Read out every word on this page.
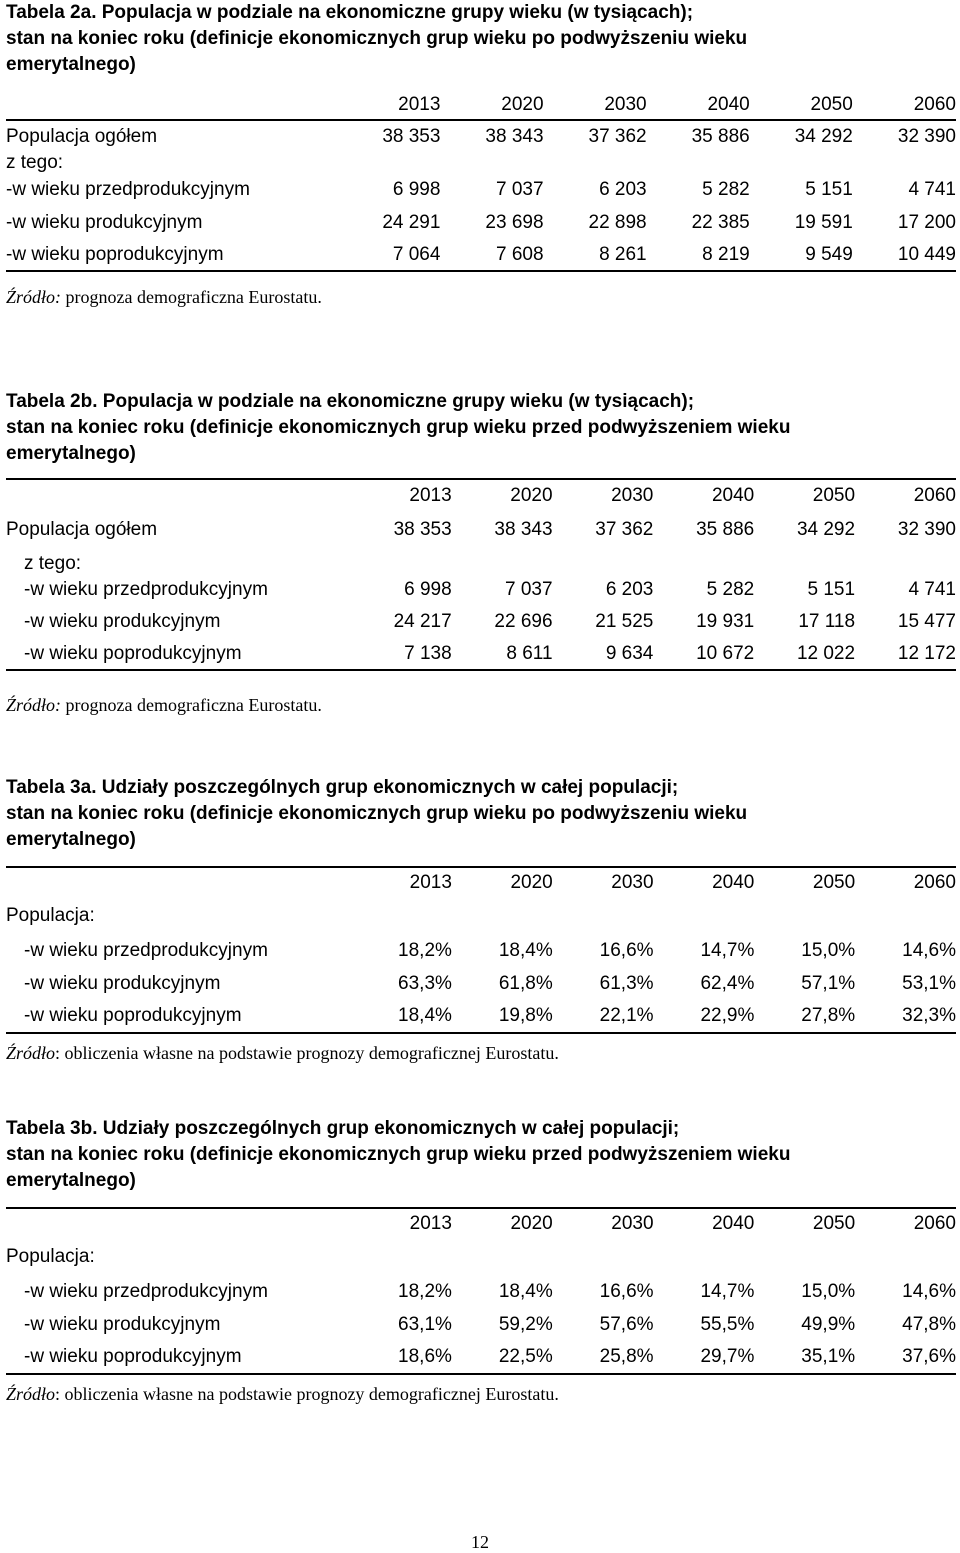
Tabela 2a. Populacja w podziale na ekonomiczne grupy wieku (w tysiącach);
stan na koniec roku (definicje ekonomicznych grup wieku po podwyższeniu wieku
emerytalnego)
	2013	2020	2030	2040	2050	2060
Populacja ogółem	38 353	38 343	37 362	35 886	34 292	32 390
z tego:						
-w wieku przedprodukcyjnym	6 998	7 037	6 203	5 282	5 151	4 741
-w wieku produkcyjnym	24 291	23 698	22 898	22 385	19 591	17 200
-w wieku poprodukcyjnym	7 064	7 608	8 261	8 219	9 549	10 449
Źródło: prognoza demograficzna Eurostatu.
Tabela 2b. Populacja w podziale na ekonomiczne grupy wieku (w tysiącach);
stan na koniec roku (definicje ekonomicznych grup wieku przed podwyższeniem wieku
emerytalnego)
	2013	2020	2030	2040	2050	2060
Populacja ogółem	38 353	38 343	37 362	35 886	34 292	32 390
z tego:						
-w wieku przedprodukcyjnym	6 998	7 037	6 203	5 282	5 151	4 741
-w wieku produkcyjnym	24 217	22 696	21 525	19 931	17 118	15 477
-w wieku poprodukcyjnym	7 138	8 611	9 634	10 672	12 022	12 172
Źródło: prognoza demograficzna Eurostatu.
Tabela 3a. Udziały poszczególnych grup ekonomicznych w całej populacji;
stan na koniec roku (definicje ekonomicznych grup wieku po podwyższeniu wieku
emerytalnego)
	2013	2020	2030	2040	2050	2060
Populacja:						
-w wieku przedprodukcyjnym	18,2%	18,4%	16,6%	14,7%	15,0%	14,6%
-w wieku produkcyjnym	63,3%	61,8%	61,3%	62,4%	57,1%	53,1%
-w wieku poprodukcyjnym	18,4%	19,8%	22,1%	22,9%	27,8%	32,3%
Źródło: obliczenia własne na podstawie prognozy demograficznej Eurostatu.
Tabela 3b. Udziały poszczególnych grup ekonomicznych w całej populacji;
stan na koniec roku (definicje ekonomicznych grup wieku przed podwyższeniem wieku
emerytalnego)
	2013	2020	2030	2040	2050	2060
Populacja:						
-w wieku przedprodukcyjnym	18,2%	18,4%	16,6%	14,7%	15,0%	14,6%
-w wieku produkcyjnym	63,1%	59,2%	57,6%	55,5%	49,9%	47,8%
-w wieku poprodukcyjnym	18,6%	22,5%	25,8%	29,7%	35,1%	37,6%
Źródło: obliczenia własne na podstawie prognozy demograficznej Eurostatu.
12
